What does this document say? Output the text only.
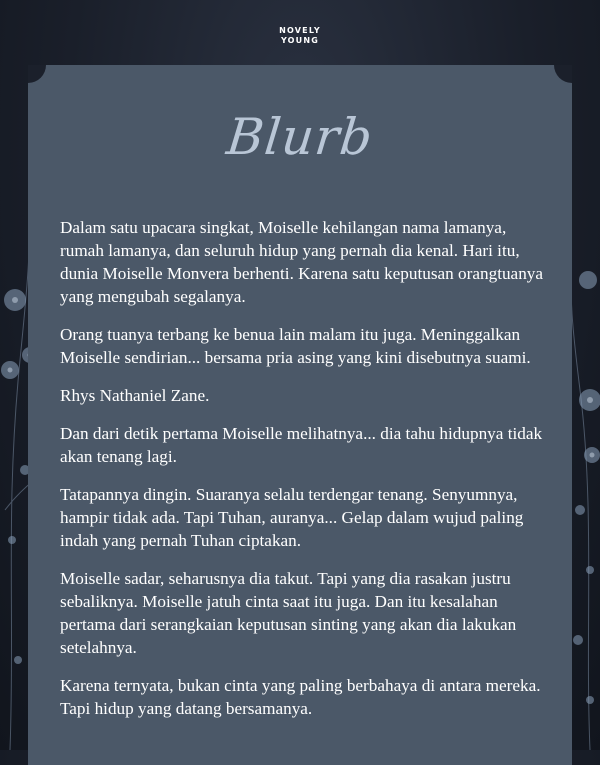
NOVELY
YOUNG
Blurb

Dalam satu upacara singkat, Moiselle kehilangan nama lamanya, rumah lamanya, dan seluruh hidup yang pernah dia kenal. Hari itu, dunia Moiselle Monvera berhenti. Karena satu keputusan orangtuanya yang mengubah segalanya.

Orang tuanya terbang ke benua lain malam itu juga. Meninggalkan Moiselle sendirian... bersama pria asing yang kini disebutnya suami.

Rhys Nathaniel Zane.

Dan dari detik pertama Moiselle melihatnya... dia tahu hidupnya tidak akan tenang lagi.

Tatapannya dingin. Suaranya selalu terdengar tenang. Senyumnya, hampir tidak ada. Tapi Tuhan, auranya... Gelap dalam wujud paling indah yang pernah Tuhan ciptakan.

Moiselle sadar, seharusnya dia takut. Tapi yang dia rasakan justru sebaliknya. Moiselle jatuh cinta saat itu juga. Dan itu kesalahan pertama dari serangkaian keputusan sinting yang akan dia lakukan setelahnya.

Karena ternyata, bukan cinta yang paling berbahaya di antara mereka. Tapi hidup yang datang bersamanya.
